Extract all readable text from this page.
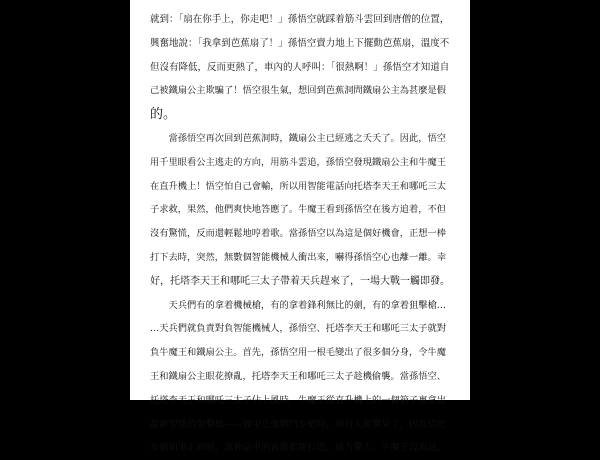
就到：「扇在你手上，你走吧！」孫悟空就踩着筋斗雲回到唐僧的位置，
興奮地說：「我拿到芭蕉扇了！」孫悟空賣力地上下擺動芭蕉扇，溫度不
但沒有降低，反而更熱了，車內的人呼叫：「很熱啊！」孫悟空才知道自
己被鐵扇公主欺騙了！悟空很生氣，想回到芭蕉洞問鐵扇公主為甚麼是假
的。
　　當孫悟空再次回到芭蕉洞時，鐵扇公主已經逃之夭夭了。因此，悟空
用千里眼看公主逃走的方向，用筋斗雲追，孫悟空發現鐵扇公主和牛魔王
在直升機上！悟空怕自己會輸，所以用智能電話向托塔李天王和哪吒三太
子求救，果然，他們爽快地答應了。牛魔王看到孫悟空在後方追着，不但
沒有驚慌，反而還輕鬆地哼着歌。當孫悟空以為這是個好機會，正想一棒
打下去時，突然，無數個智能機械人衝出來，嚇得孫悟空心也離一離。幸
好，托塔李天王和哪吒三太子帶着天兵趕來了，一場大戰一觸即發。
　　天兵們有的拿着機械槍，有的拿着鋒利無比的劍，有的拿着狙擊槍…
…天兵們就負責對負智能機械人，孫悟空、托塔李天王和哪吒三太子就對
負牛魔王和鐵扇公主。首先，孫悟空用一根毛變出了很多個分身，令牛魔
王和鐵扇公主眼花撩亂，托塔李天王和哪吒三太子趁機偷襲。當孫悟空、
托塔李天王和哪吒三太子佔上風時，牛魔王從直升機上的一個箱子裏拿出
最新型號的射擊槍——強中之強戰鬥步槍時，所有人都驚呆了，因為這把
步槍如果正面射，連神話中的宙斯都能打敗，威力驚人。牛魔王沒說話，
